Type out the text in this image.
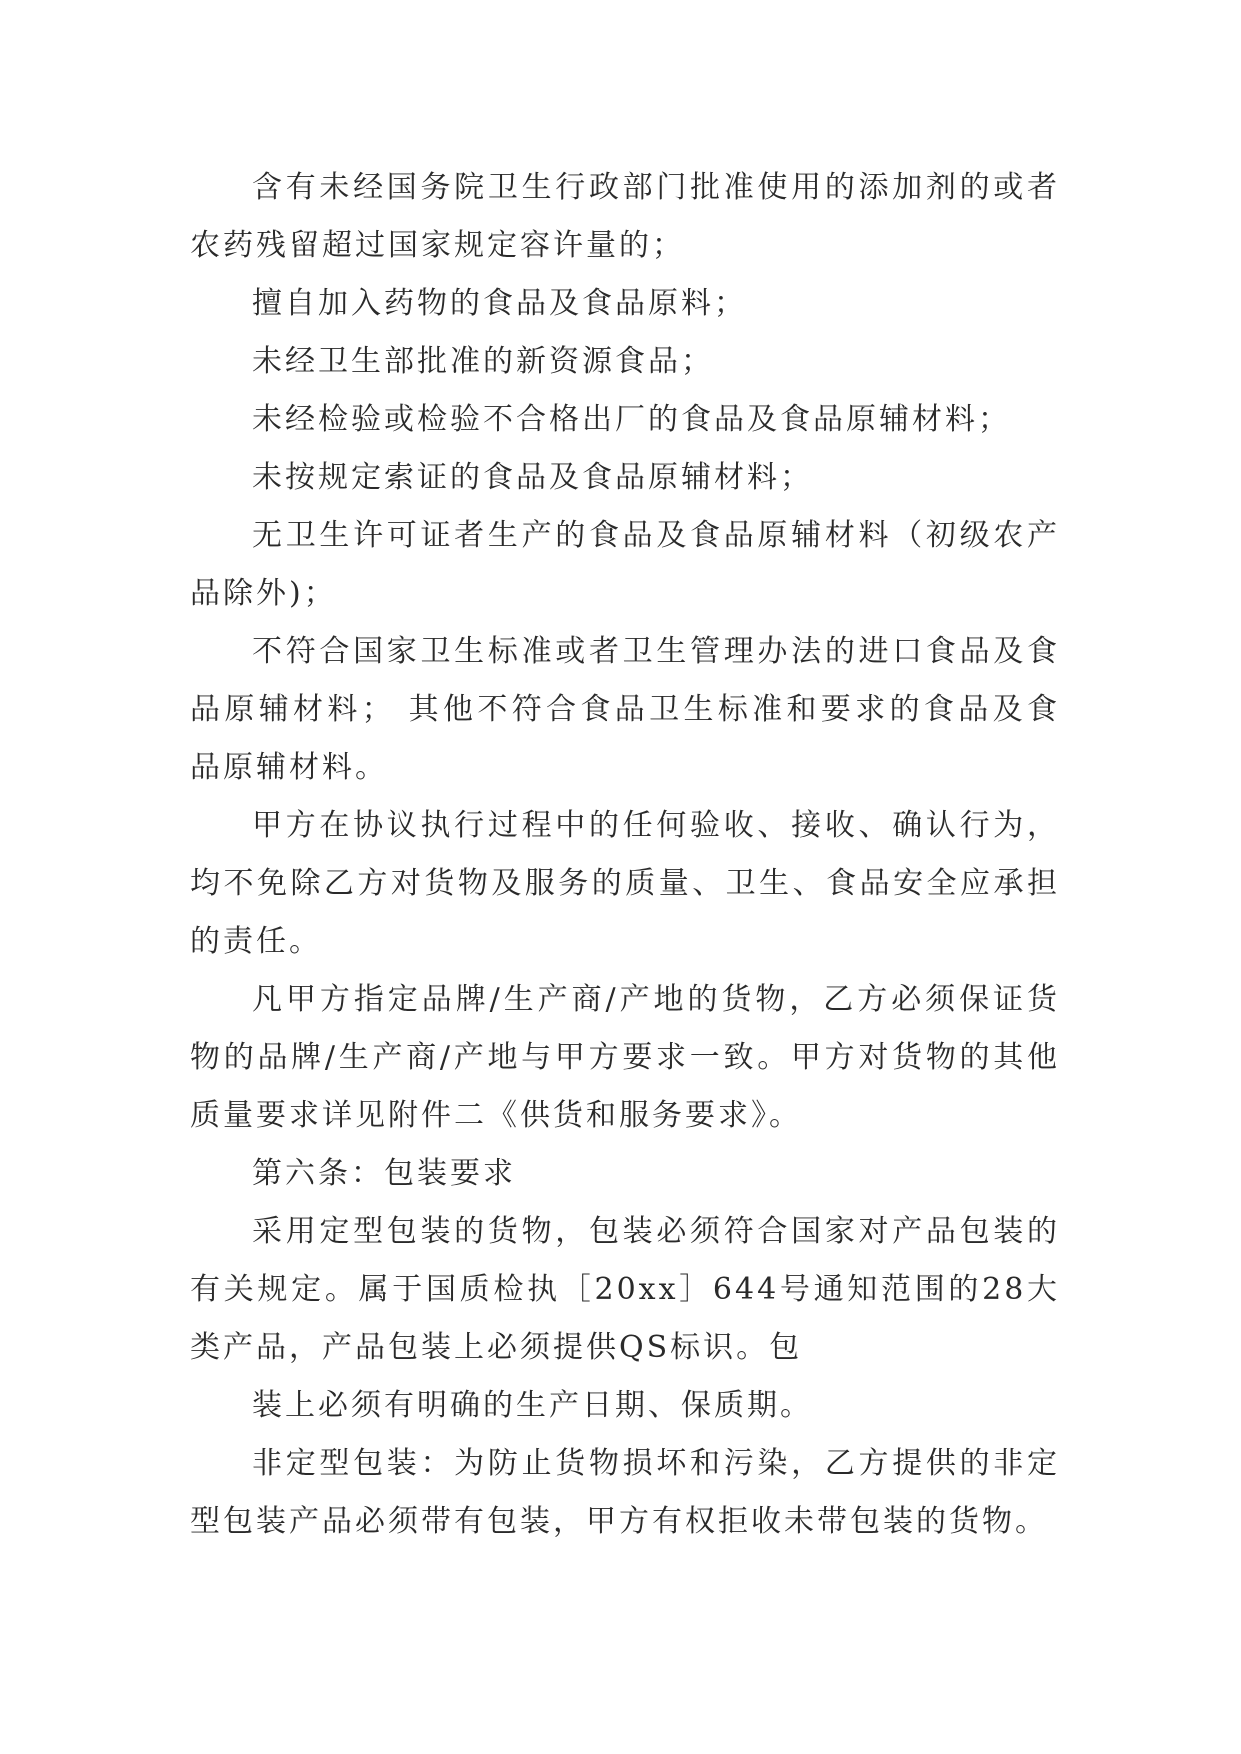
含有未经国务院卫生行政部门批准使用的添加剂的或者农药残留超过国家规定容许量的；

擅自加入药物的食品及食品原料；

未经卫生部批准的新资源食品；

未经检验或检验不合格出厂的食品及食品原辅材料；

未按规定索证的食品及食品原辅材料；

无卫生许可证者生产的食品及食品原辅材料（初级农产品除外)；

不符合国家卫生标准或者卫生管理办法的进口食品及食品原辅材料； 其他不符合食品卫生标准和要求的食品及食品原辅材料。

甲方在协议执行过程中的任何验收、接收、确认行为，均不免除乙方对货物及服务的质量、卫生、食品安全应承担的责任。

凡甲方指定品牌/生产商/产地的货物，乙方必须保证货物的品牌/生产商/产地与甲方要求一致。甲方对货物的其他质量要求详见附件二《供货和服务要求》。

第六条：包装要求

采用定型包装的货物，包装必须符合国家对产品包装的有关规定。属于国质检执［20xx］644号通知范围的28大类产品，产品包装上必须提供QS标识。包

装上必须有明确的生产日期、保质期。

非定型包装：为防止货物损坏和污染，乙方提供的非定型包装产品必须带有包装，甲方有权拒收未带包装的货物。
